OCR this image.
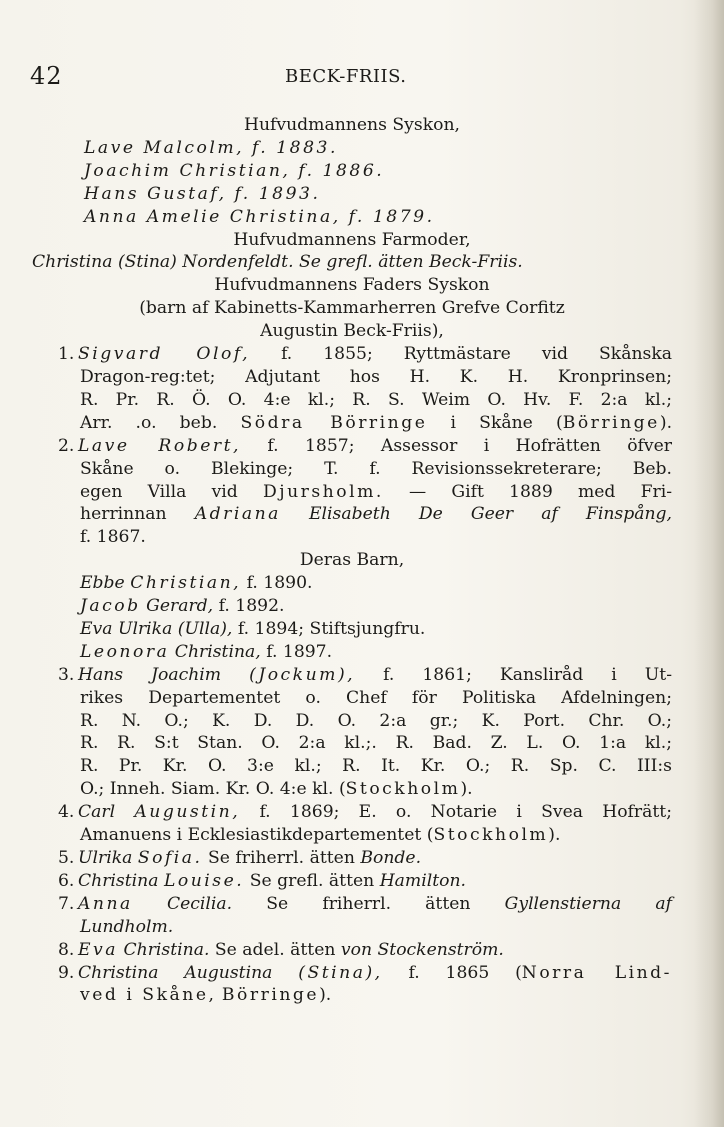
42	BECK-FRIIS.
Hufvudmannens Syskon,
Lave Malcolm, f. 1883.
Joachim Christian, f. 1886.
Hans Gustaf, f. 1893.
Anna Amelie Christina, f. 1879.
Hufvudmannens Farmoder,
Christina (Stina) Nordenfeldt. Se grefl. ätten Beck-Friis.
Hufvudmannens Faders Syskon
(barn af Kabinetts-Kammarherren Grefve Corfitz
Augustin Beck-Friis),
1. Sigvard Olof, f. 1855; Ryttmästare vid Skånska
Dragon-reg:tet; Adjutant hos H. K. H. Kronprinsen;
R. Pr. R. Ö. O. 4:e kl.; R. S. Weim O. Hv. F. 2:a kl.;
Arr. .o. beb. Södra Börringe i Skåne (Börringe).
2. Lave Robert, f. 1857; Assessor i Hofrätten öfver
Skåne o. Blekinge; T. f. Revisionssekreterare; Beb.
egen Villa vid Djursholm. — Gift 1889 med Fri-
herrinnan Adriana Elisabeth De Geer af Finspång,
f. 1867.
Deras Barn,
Ebbe Christian, f. 1890.
Jacob Gerard, f. 1892.
Eva Ulrika (Ulla), f. 1894; Stiftsjungfru.
Leonora Christina, f. 1897.
3. Hans Joachim (Jockum), f. 1861; Kansliråd i Ut-
rikes Departementet o. Chef för Politiska Afdelningen;
R. N. O.; K. D. D. O. 2:a gr.; K. Port. Chr. O.;
R. R. S:t Stan. O. 2:a kl.;. R. Bad. Z. L. O. 1:a kl.;
R. Pr. Kr. O. 3:e kl.; R. It. Kr. O.; R. Sp. C. III:s
O.; Inneh. Siam. Kr. O. 4:e kl. (Stockholm).
4. Carl Augustin, f. 1869; E. o. Notarie i Svea Hofrätt;
Amanuens i Ecklesiastikdepartementet (Stockholm).
5. Ulrika Sofia. Se friherrl. ätten Bonde.
6. Christina Louise. Se grefl. ätten Hamilton.
7. Anna Cecilia. Se friherrl. ätten Gyllenstierna af
Lundholm.
8. Eva Christina. Se adel. ätten von Stockenström.
9. Christina Augustina (Stina), f. 1865 (Norra Lind-
ved i Skåne, Börringe).
